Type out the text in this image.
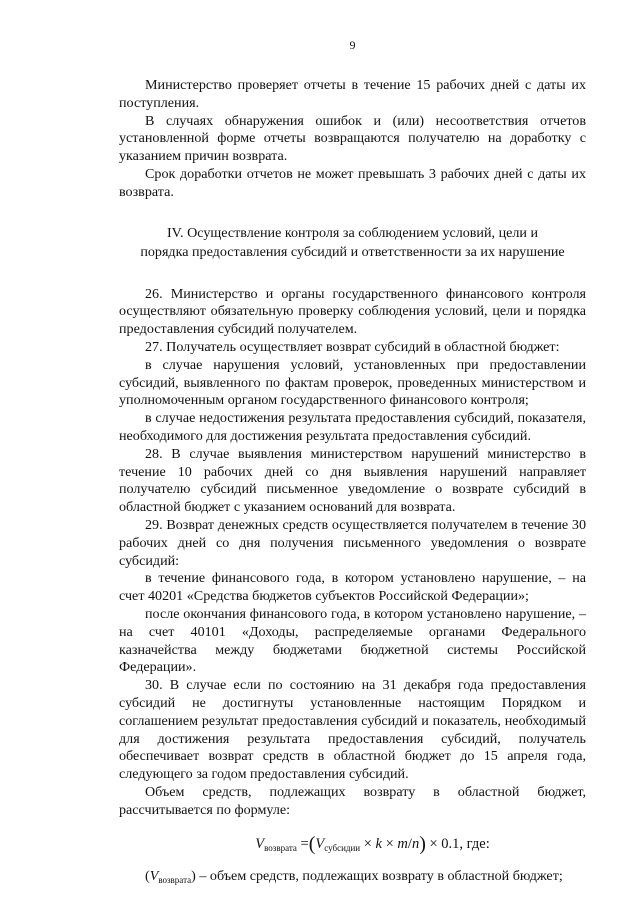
9

Министерство проверяет отчеты в течение 15 рабочих дней с даты их поступления.

В случаях обнаружения ошибок и (или) несоответствия отчетов установленной форме отчеты возвращаются получателю на доработку с указанием причин возврата.

Срок доработки отчетов не может превышать 3 рабочих дней с даты их возврата.

IV. Осуществление контроля за соблюдением условий, цели и
порядка предоставления субсидий и ответственности за их нарушение

26. Министерство и органы государственного финансового контроля осуществляют обязательную проверку соблюдения условий, цели и порядка предоставления субсидий получателем.

27. Получатель осуществляет возврат субсидий в областной бюджет:

в случае нарушения условий, установленных при предоставлении субсидий, выявленного по фактам проверок, проведенных министерством и уполномоченным органом государственного финансового контроля;

в случае недостижения результата предоставления субсидий, показателя, необходимого для достижения результата предоставления субсидий.

28. В случае выявления министерством нарушений министерство в течение 10 рабочих дней со дня выявления нарушений направляет получателю субсидий письменное уведомление о возврате субсидий в областной бюджет с указанием оснований для возврата.

29. Возврат денежных средств осуществляется получателем в течение 30 рабочих дней со дня получения письменного уведомления о возврате субсидий:

в течение финансового года, в котором установлено нарушение, – на счет 40201 «Средства бюджетов субъектов Российской Федерации»;

после окончания финансового года, в котором установлено нарушение, – на счет 40101 «Доходы, распределяемые органами Федерального казначейства между бюджетами бюджетной системы Российской Федерации».

30. В случае если по состоянию на 31 декабря года предоставления субсидий не достигнуты установленные настоящим Порядком и соглашением результат предоставления субсидий и показатель, необходимый для достижения результата предоставления субсидий, получатель обеспечивает возврат средств в областной бюджет до 15 апреля года, следующего за годом предоставления субсидий.

Объем средств, подлежащих возврату в областной бюджет, рассчитывается по формуле:

$V_{возврата} =(V_{субсидии} \times k \times m/n) \times 0.1$, где:

$(V_{возврата})$ – объем средств, подлежащих возврату в областной бюджет;
